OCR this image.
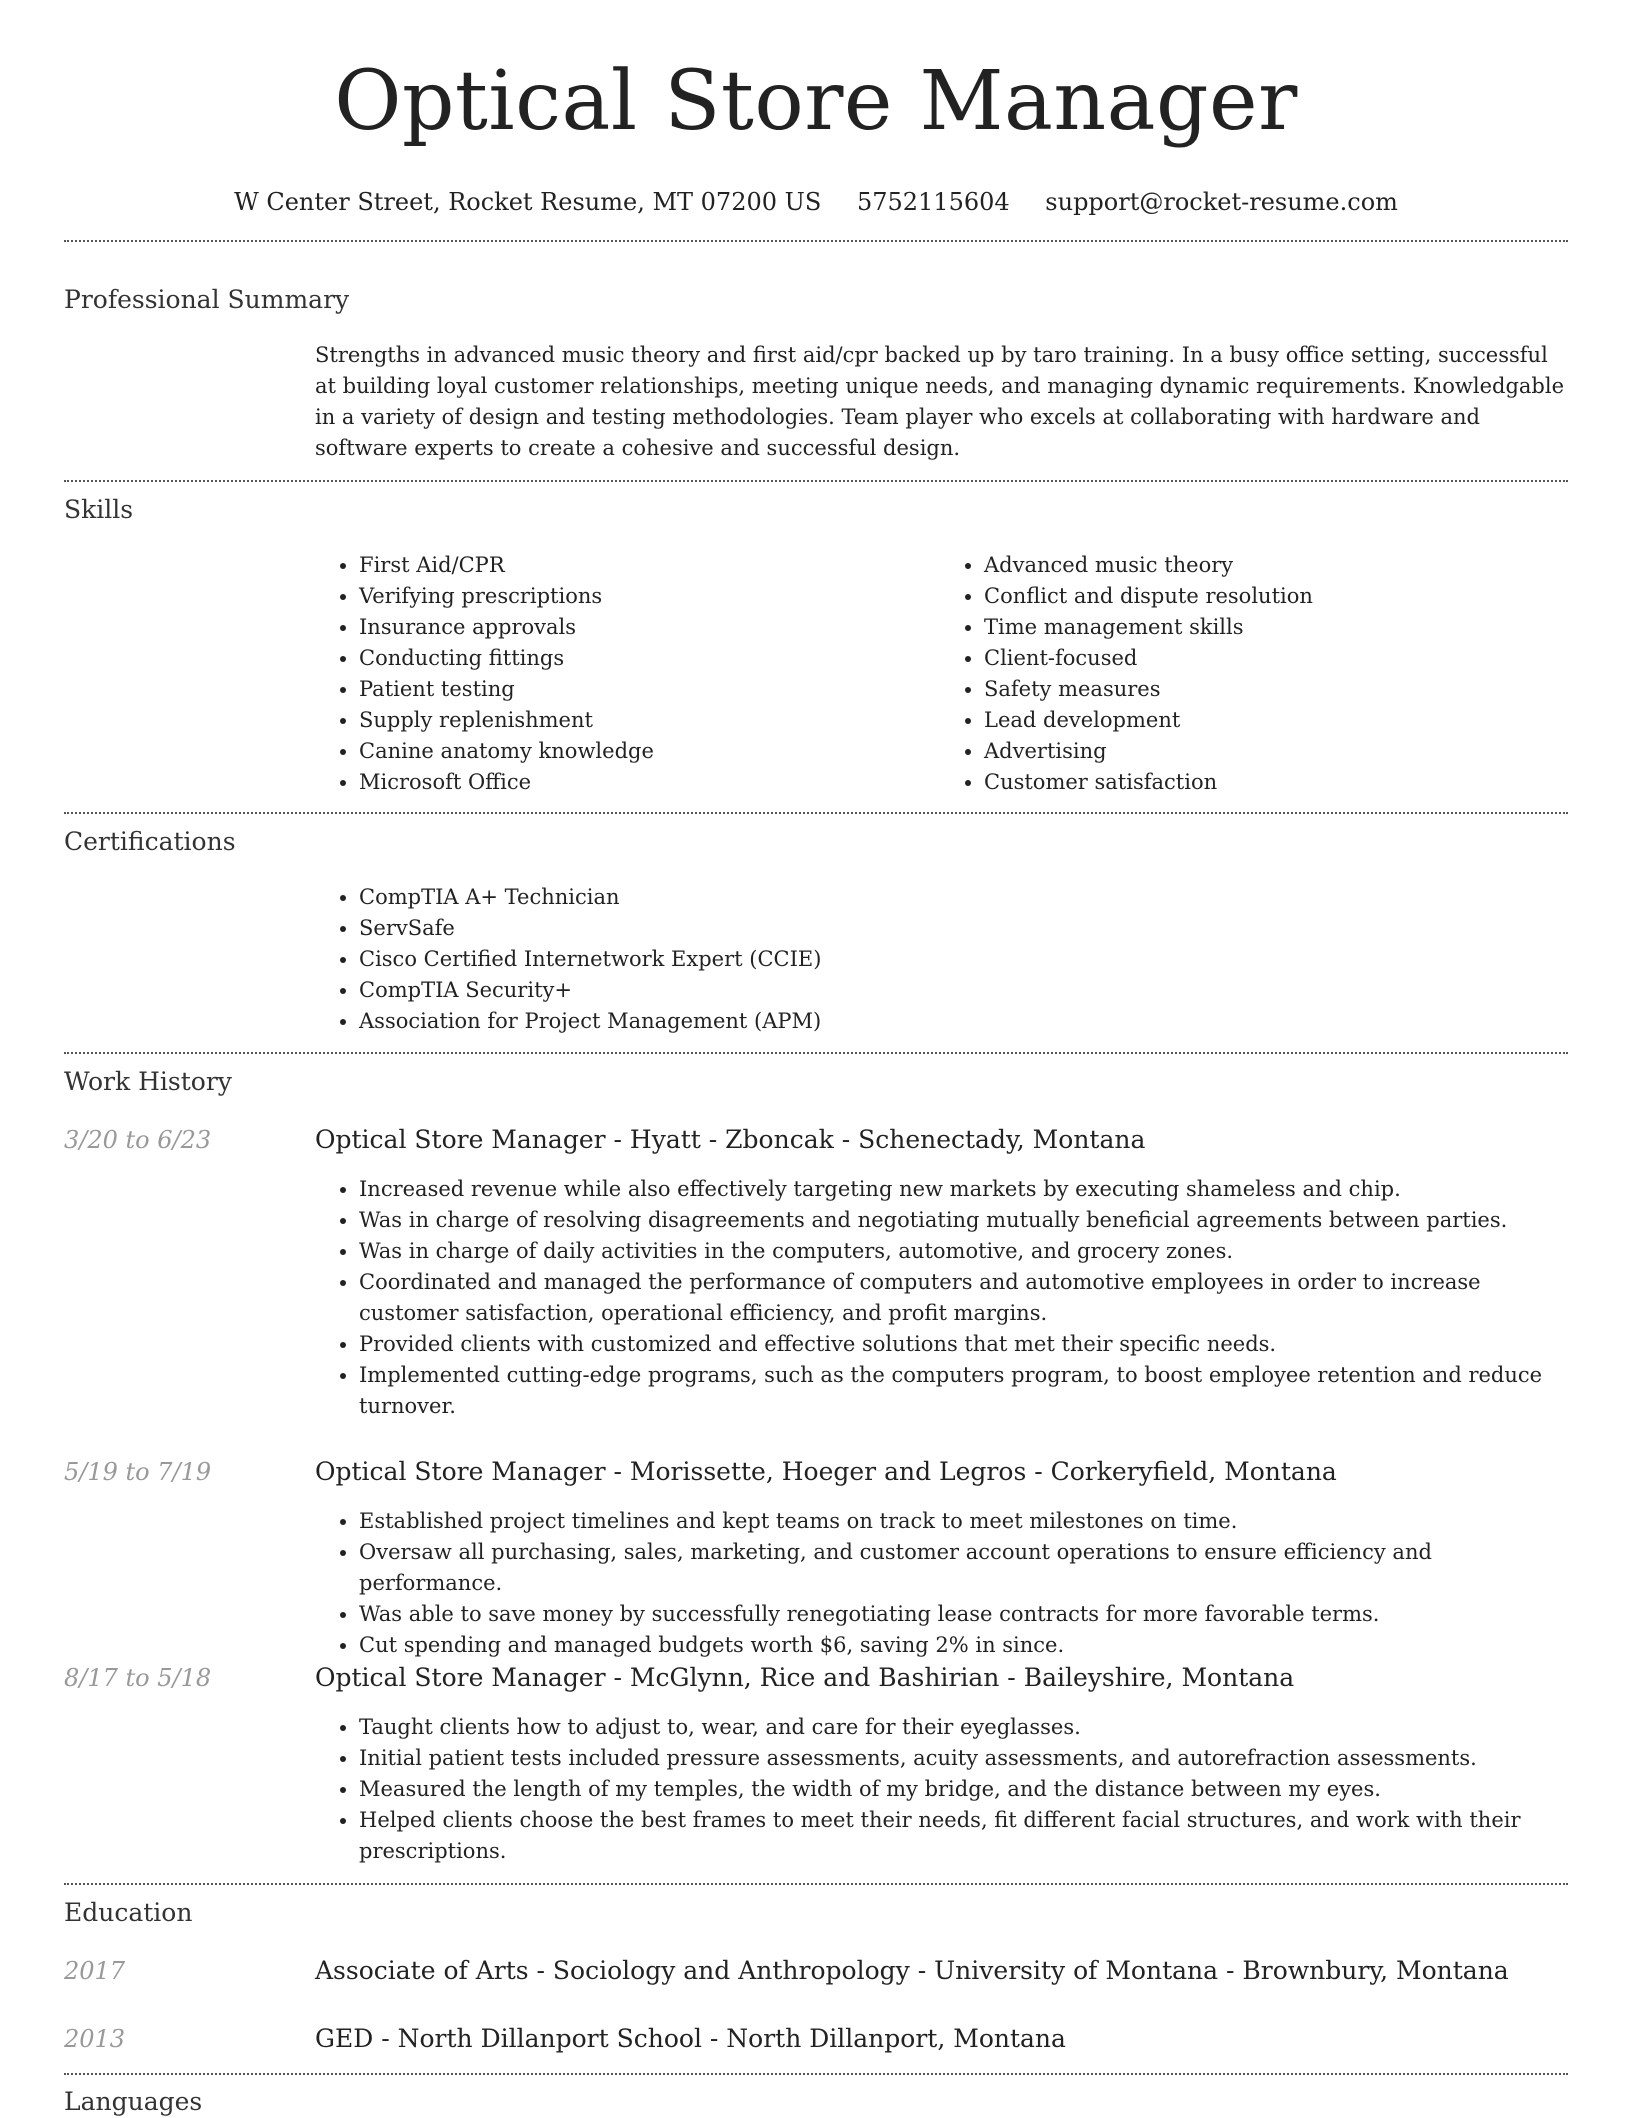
Optical Store Manager
W Center Street, Rocket Resume, MT 07200 US 5752115604 support@rocket-resume.com
Professional Summary

Strengths in advanced music theory and first aid/cpr backed up by taro training. In a busy office setting, successful at building loyal customer relationships, meeting unique needs, and managing dynamic requirements. Knowledgable in a variety of design and testing methodologies. Team player who excels at collaborating with hardware and software experts to create a cohesive and successful design.

Skills
• First Aid/CPR
• Verifying prescriptions
• Insurance approvals
• Conducting fittings
• Patient testing
• Supply replenishment
• Canine anatomy knowledge
• Microsoft Office
• Advanced music theory
• Conflict and dispute resolution
• Time management skills
• Client-focused
• Safety measures
• Lead development
• Advertising
• Customer satisfaction
Certifications
• CompTIA A+ Technician
• ServSafe
• Cisco Certified Internetwork Expert (CCIE)
• CompTIA Security+
• Association for Project Management (APM)
Work History
3/20 to 6/23	Optical Store Manager - Hyatt - Zboncak - Schenectady, Montana
• Increased revenue while also effectively targeting new markets by executing shameless and chip.
• Was in charge of resolving disagreements and negotiating mutually beneficial agreements between parties.
• Was in charge of daily activities in the computers, automotive, and grocery zones.
• Coordinated and managed the performance of computers and automotive employees in order to increase customer satisfaction, operational efficiency, and profit margins.
• Provided clients with customized and effective solutions that met their specific needs.
• Implemented cutting-edge programs, such as the computers program, to boost employee retention and reduce turnover.
5/19 to 7/19	Optical Store Manager - Morissette, Hoeger and Legros - Corkeryfield, Montana
• Established project timelines and kept teams on track to meet milestones on time.
• Oversaw all purchasing, sales, marketing, and customer account operations to ensure efficiency and performance.
• Was able to save money by successfully renegotiating lease contracts for more favorable terms.
• Cut spending and managed budgets worth $6, saving 2% in since.
8/17 to 5/18	Optical Store Manager - McGlynn, Rice and Bashirian - Baileyshire, Montana
• Taught clients how to adjust to, wear, and care for their eyeglasses.
• Initial patient tests included pressure assessments, acuity assessments, and autorefraction assessments.
• Measured the length of my temples, the width of my bridge, and the distance between my eyes.
• Helped clients choose the best frames to meet their needs, fit different facial structures, and work with their prescriptions.
Education
2017	Associate of Arts - Sociology and Anthropology - University of Montana - Brownbury, Montana
2013	GED - North Dillanport School - North Dillanport, Montana
Languages
